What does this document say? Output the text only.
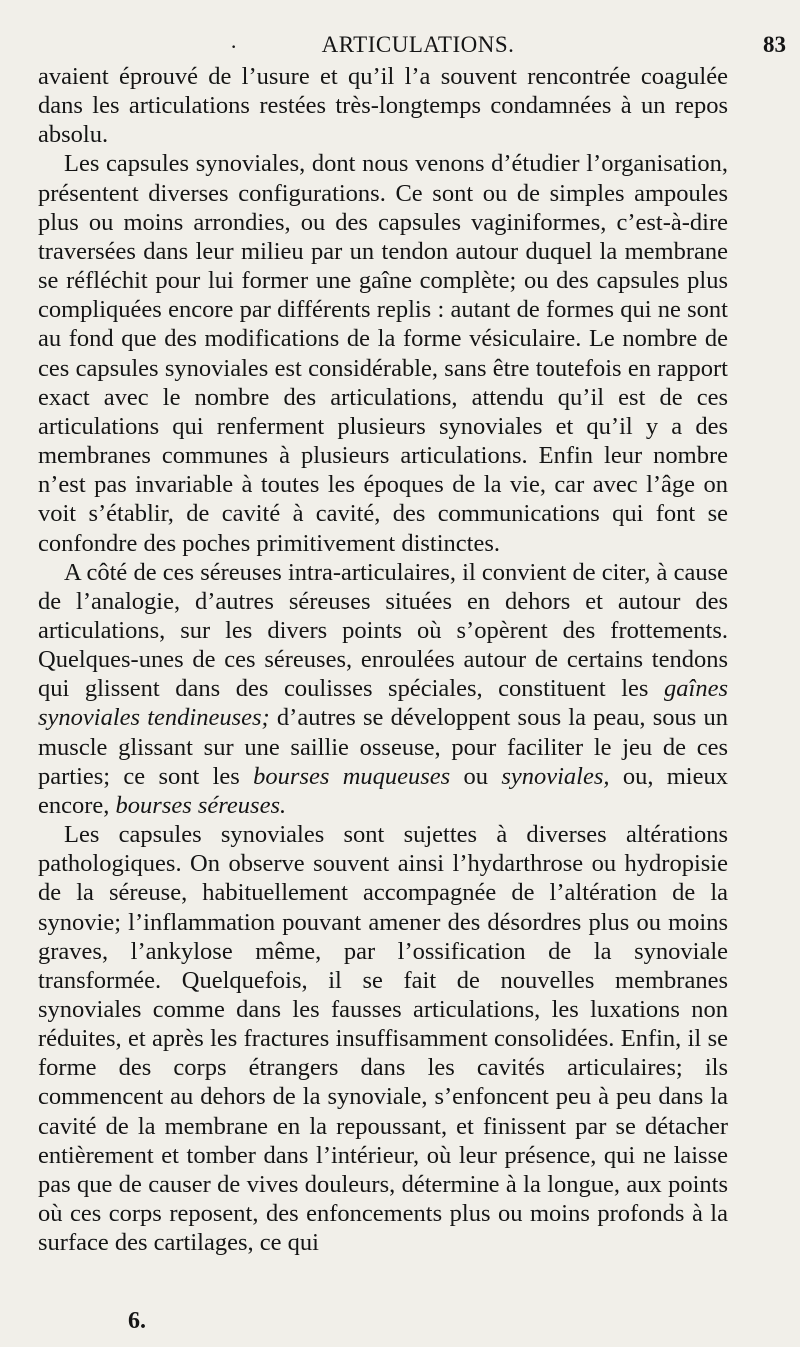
·	ARTICULATIONS.	83

avaient éprouvé de l’usure et qu’il l’a souvent rencontrée coagulée dans les articulations restées très-longtemps condamnées à un repos absolu.

Les capsules synoviales, dont nous venons d’étudier l’organisation, présentent diverses configurations. Ce sont ou de simples ampoules plus ou moins arrondies, ou des capsules vaginiformes, c’est-à-dire traversées dans leur milieu par un tendon autour duquel la membrane se réfléchit pour lui former une gaîne complète; ou des capsules plus compliquées encore par différents replis : autant de formes qui ne sont au fond que des modifications de la forme vésiculaire. Le nombre de ces capsules synoviales est considérable, sans être toutefois en rapport exact avec le nombre des articulations, attendu qu’il est de ces articulations qui renferment plusieurs synoviales et qu’il y a des membranes communes à plusieurs articulations. Enfin leur nombre n’est pas invariable à toutes les époques de la vie, car avec l’âge on voit s’établir, de cavité à cavité, des communications qui font se confondre des poches primitivement distinctes.

A côté de ces séreuses intra-articulaires, il convient de citer, à cause de l’analogie, d’autres séreuses situées en dehors et autour des articulations, sur les divers points où s’opèrent des frottements. Quelques-unes de ces séreuses, enroulées autour de certains tendons qui glissent dans des coulisses spéciales, constituent les gaînes synoviales tendineuses; d’autres se développent sous la peau, sous un muscle glissant sur une saillie osseuse, pour faciliter le jeu de ces parties; ce sont les bourses muqueuses ou synoviales, ou, mieux encore, bourses séreuses.

Les capsules synoviales sont sujettes à diverses altérations pathologiques. On observe souvent ainsi l’hydarthrose ou hydropisie de la séreuse, habituellement accompagnée de l’altération de la synovie; l’inflammation pouvant amener des désordres plus ou moins graves, l’ankylose même, par l’ossification de la synoviale transformée. Quelquefois, il se fait de nouvelles membranes synoviales comme dans les fausses articulations, les luxations non réduites, et après les fractures insuffisamment consolidées. Enfin, il se forme des corps étrangers dans les cavités articulaires; ils commencent au dehors de la synoviale, s’enfoncent peu à peu dans la cavité de la membrane en la repoussant, et finissent par se détacher entièrement et tomber dans l’intérieur, où leur présence, qui ne laisse pas que de causer de vives douleurs, détermine à la longue, aux points où ces corps reposent, des enfoncements plus ou moins profonds à la surface des cartilages, ce qui

6.
